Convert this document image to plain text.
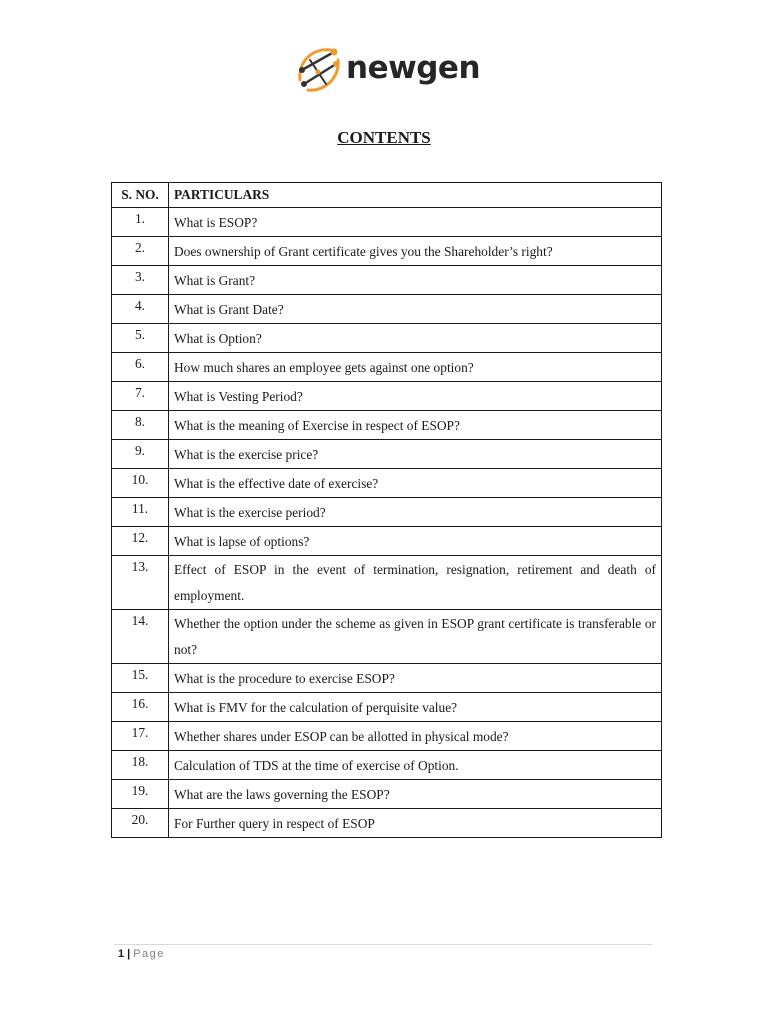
newgen
CONTENTS
S. NO.	PARTICULARS
1.	What is ESOP?
2.	Does ownership of Grant certificate gives you the Shareholder’s right?
3.	What is Grant?
4.	What is Grant Date?
5.	What is Option?
6.	How much shares an employee gets against one option?
7.	What is Vesting Period?
8.	What is the meaning of Exercise in respect of ESOP?
9.	What is the exercise price?
10.	What is the effective date of exercise?
11.	What is the exercise period?
12.	What is lapse of options?
13.	Effect of ESOP in the event of termination, resignation, retirement and death of employment.
14.	Whether the option under the scheme as given in ESOP grant certificate is transferable or not?
15.	What is the procedure to exercise ESOP?
16.	What is FMV for the calculation of perquisite value?
17.	Whether shares under ESOP can be allotted in physical mode?
18.	Calculation of TDS at the time of exercise of Option.
19.	What are the laws governing the ESOP?
20.	For Further query in respect of ESOP
1 | Page
